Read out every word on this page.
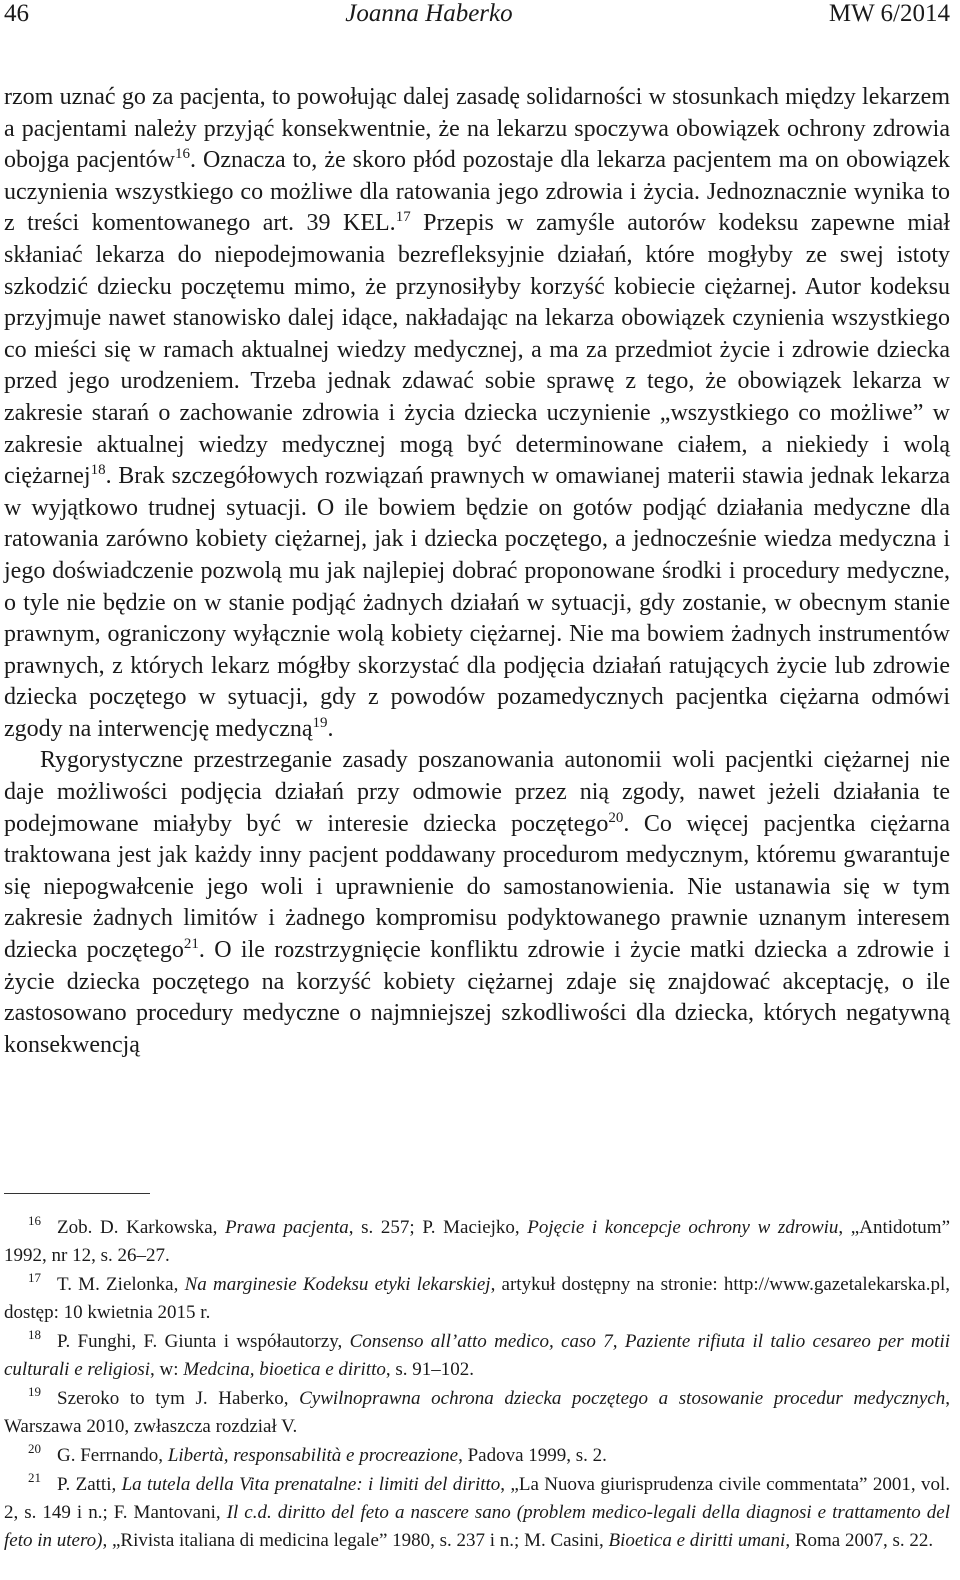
46	Joanna Haberko	MW 6/2014

rzom uznać go za pacjenta, to powołując dalej zasadę solidarności w stosunkach między lekarzem a pacjentami należy przyjąć konsekwentnie, że na lekarzu spoczywa obowiązek ochrony zdrowia obojga pacjentów$^{16}$. Oznacza to, że skoro płód pozostaje dla lekarza pacjentem ma on obowiązek uczynienia wszystkiego co możliwe dla ratowania jego zdrowia i życia. Jednoznacznie wynika to z treści komentowanego art. 39 KEL.$^{17}$ Przepis w zamyśle autorów kodeksu zapewne miał skłaniać lekarza do niepodejmowania bezrefleksyjnie działań, które mogłyby ze swej istoty szkodzić dziecku poczętemu mimo, że przynosiłyby korzyść kobiecie ciężarnej. Autor kodeksu przyjmuje nawet stanowisko dalej idące, nakładając na lekarza obowiązek czynienia wszystkiego co mieści się w ramach aktualnej wiedzy medycznej, a ma za przedmiot życie i zdrowie dziecka przed jego urodzeniem. Trzeba jednak zdawać sobie sprawę z tego, że obowiązek lekarza w zakresie starań o zachowanie zdrowia i życia dziecka uczynienie „wszystkiego co możliwe” w zakresie aktualnej wiedzy medycznej mogą być determinowane ciałem, a niekiedy i wolą ciężarnej$^{18}$. Brak szczegółowych rozwiązań prawnych w omawianej materii stawia jednak lekarza w wyjątkowo trudnej sytuacji. O ile bowiem będzie on gotów podjąć działania medyczne dla ratowania zarówno kobiety ciężarnej, jak i dziecka poczętego, a jednocześnie wiedza medyczna i jego doświadczenie pozwolą mu jak najlepiej dobrać proponowane środki i procedury medyczne, o tyle nie będzie on w stanie podjąć żadnych działań w sytuacji, gdy zostanie, w obecnym stanie prawnym, ograniczony wyłącznie wolą kobiety ciężarnej. Nie ma bowiem żadnych instrumentów prawnych, z których lekarz mógłby skorzystać dla podjęcia działań ratujących życie lub zdrowie dziecka poczętego w sytuacji, gdy z powodów pozamedycznych pacjentka ciężarna odmówi zgody na interwencję medyczną$^{19}$.

Rygorystyczne przestrzeganie zasady poszanowania autonomii woli pacjentki ciężarnej nie daje możliwości podjęcia działań przy odmowie przez nią zgody, nawet jeżeli działania te podejmowane miałyby być w interesie dziecka poczętego$^{20}$. Co więcej pacjentka ciężarna traktowana jest jak każdy inny pacjent poddawany procedurom medycznym, któremu gwarantuje się niepogwałcenie jego woli i uprawnienie do samostanowienia. Nie ustanawia się w tym zakresie żadnych limitów i żadnego kompromisu podyktowanego prawnie uznanym interesem dziecka poczętego$^{21}$. O ile rozstrzygnięcie konfliktu zdrowie i życie matki dziecka a zdrowie i życie dziecka poczętego na korzyść kobiety ciężarnej zdaje się znajdować akceptację, o ile zastosowano procedury medyczne o najmniejszej szkodliwości dla dziecka, których negatywną konsekwencją

$^{16}$ Zob. D. Karkowska, Prawa pacjenta, s. 257; P. Maciejko, Pojęcie i koncepcje ochrony w zdrowiu, „Antidotum” 1992, nr 12, s. 26–27.

$^{17}$ T. M. Zielonka, Na marginesie Kodeksu etyki lekarskiej, artykuł dostępny na stronie: http://www.gazetalekarska.pl, dostęp: 10 kwietnia 2015 r.

$^{18}$ P. Funghi, F. Giunta i współautorzy, Consenso all’atto medico, caso 7, Paziente rifiuta il talio cesareo per motii culturali e religiosi, w: Medcina, bioetica e diritto, s. 91–102.

$^{19}$ Szeroko to tym J. Haberko, Cywilnoprawna ochrona dziecka poczętego a stosowanie procedur medycznych, Warszawa 2010, zwłaszcza rozdział V.

$^{20}$ G. Ferrnando, Libertà, responsabilità e procreazione, Padova 1999, s. 2.

$^{21}$ P. Zatti, La tutela della Vita prenatalne: i limiti del diritto, „La Nuova giurisprudenza civile commentata” 2001, vol. 2, s. 149 i n.; F. Mantovani, Il c.d. diritto del feto a nascere sano (problem medico-legali della diagnosi e trattamento del feto in utero), „Rivista italiana di medicina legale” 1980, s. 237 i n.; M. Casini, Bioetica e diritti umani, Roma 2007, s. 22.
